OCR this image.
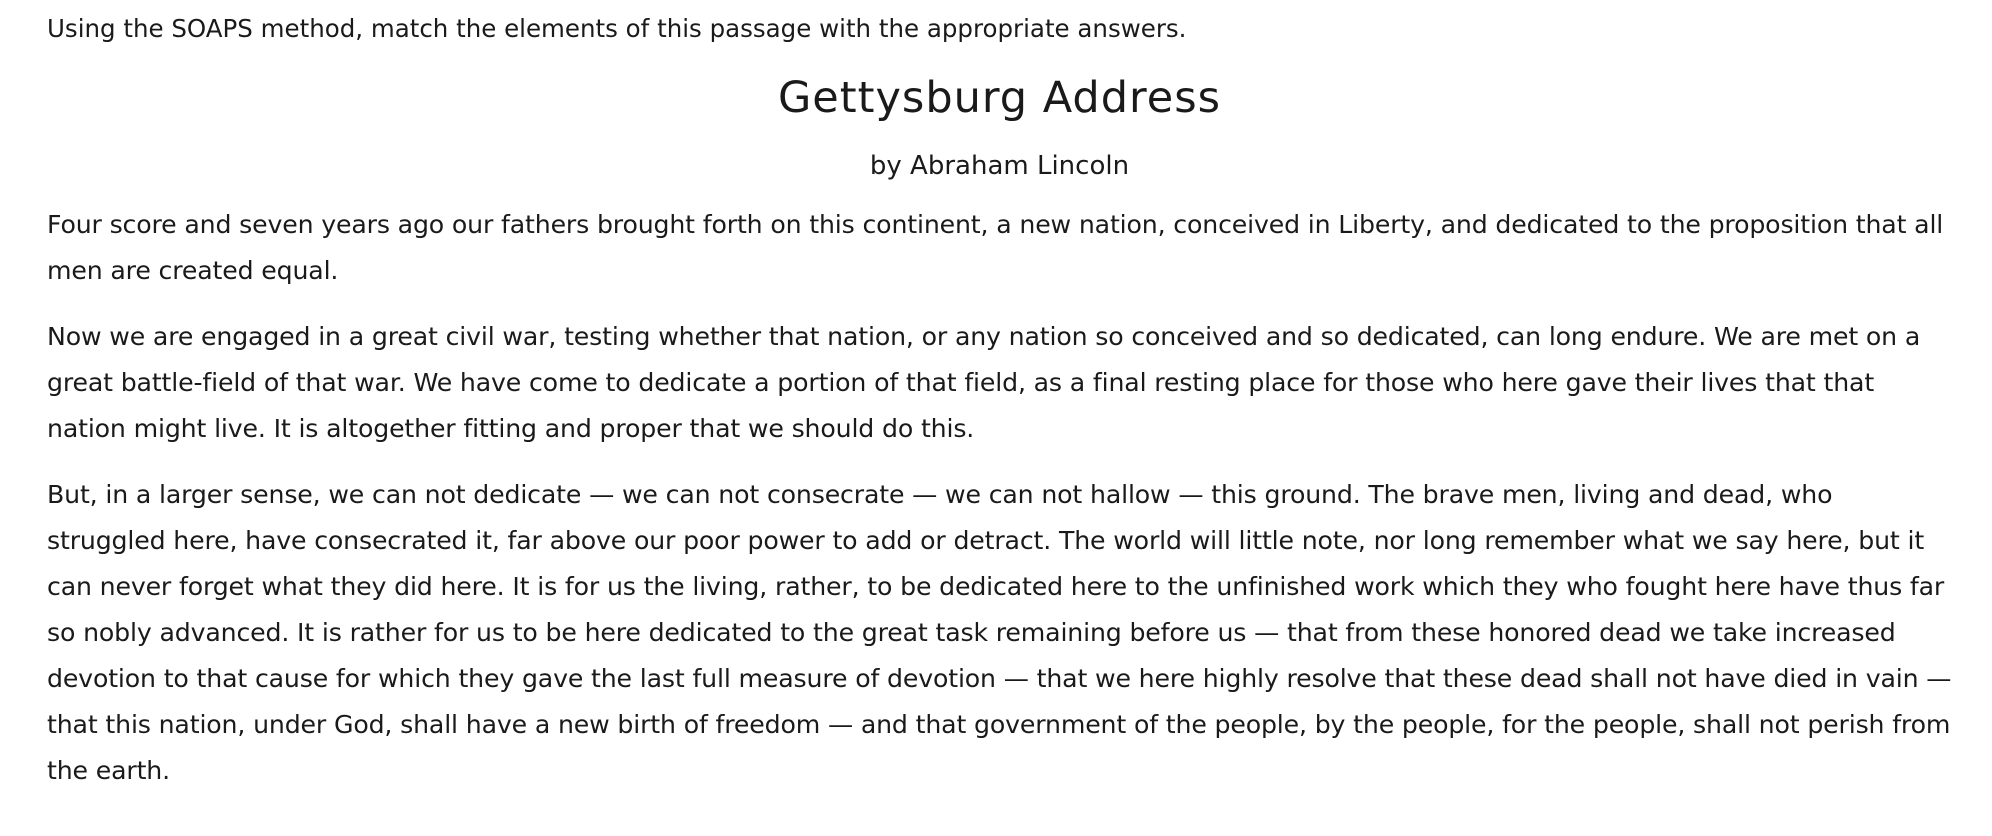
Using the SOAPS method, match the elements of this passage with the appropriate answers.

Gettysburg Address

by Abraham Lincoln

Four score and seven years ago our fathers brought forth on this continent, a new nation, conceived in Liberty, and dedicated to the proposition that all men are created equal.

Now we are engaged in a great civil war, testing whether that nation, or any nation so conceived and so dedicated, can long endure. We are met on a great battle-field of that war. We have come to dedicate a portion of that field, as a final resting place for those who here gave their lives that that nation might live. It is altogether fitting and proper that we should do this.

But, in a larger sense, we can not dedicate — we can not consecrate — we can not hallow — this ground. The brave men, living and dead, who struggled here, have consecrated it, far above our poor power to add or detract. The world will little note, nor long remember what we say here, but it can never forget what they did here. It is for us the living, rather, to be dedicated here to the unfinished work which they who fought here have thus far so nobly advanced. It is rather for us to be here dedicated to the great task remaining before us — that from these honored dead we take increased devotion to that cause for which they gave the last full measure of devotion — that we here highly resolve that these dead shall not have died in vain — that this nation, under God, shall have a new birth of freedom — and that government of the people, by the people, for the people, shall not perish from the earth.
